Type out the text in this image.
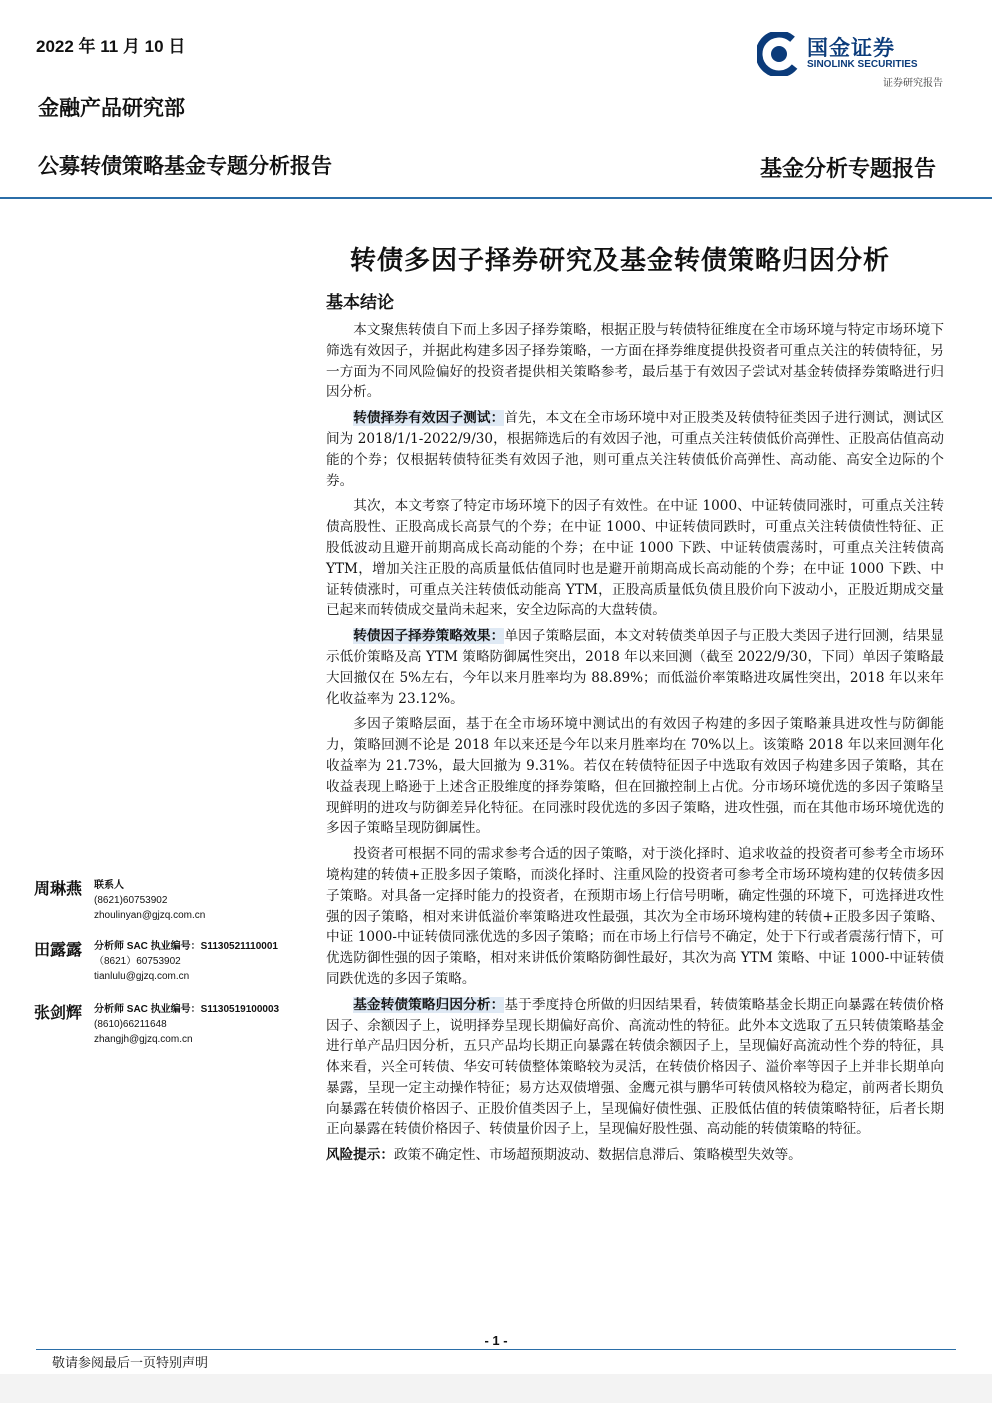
2022 年 11 月 10 日
金融产品研究部
公募转债策略基金专题分析报告	基金分析专题报告
国金证券
SINOLINK SECURITIES
证券研究报告
转债多因子择券研究及基金转债策略归因分析
基本结论

本文聚焦转债自下而上多因子择券策略，根据正股与转债特征维度在全市场环境与特定市场环境下筛选有效因子，并据此构建多因子择券策略，一方面在择券维度提供投资者可重点关注的转债特征，另一方面为不同风险偏好的投资者提供相关策略参考，最后基于有效因子尝试对基金转债择券策略进行归因分析。

转债择券有效因子测试：首先，本文在全市场环境中对正股类及转债特征类因子进行测试，测试区间为 2018/1/1-2022/9/30，根据筛选后的有效因子池，可重点关注转债低价高弹性、正股高估值高动能的个券；仅根据转债特征类有效因子池，则可重点关注转债低价高弹性、高动能、高安全边际的个券。

其次，本文考察了特定市场环境下的因子有效性。在中证 1000、中证转债同涨时，可重点关注转债高股性、正股高成长高景气的个券；在中证 1000、中证转债同跌时，可重点关注转债债性特征、正股低波动且避开前期高成长高动能的个券；在中证 1000 下跌、中证转债震荡时，可重点关注转债高 YTM，增加关注正股的高质量低估值同时也是避开前期高成长高动能的个券；在中证 1000 下跌、中证转债涨时，可重点关注转债低动能高 YTM，正股高质量低负债且股价向下波动小，正股近期成交量已起来而转债成交量尚未起来，安全边际高的大盘转债。

转债因子择券策略效果：单因子策略层面，本文对转债类单因子与正股大类因子进行回测，结果显示低价策略及高 YTM 策略防御属性突出，2018 年以来回测（截至 2022/9/30，下同）单因子策略最大回撤仅在 5%左右，今年以来月胜率均为 88.89%；而低溢价率策略进攻属性突出，2018 年以来年化收益率为 23.12%。

多因子策略层面，基于在全市场环境中测试出的有效因子构建的多因子策略兼具进攻性与防御能力，策略回测不论是 2018 年以来还是今年以来月胜率均在 70%以上。该策略 2018 年以来回测年化收益率为 21.73%，最大回撤为 9.31%。若仅在转债特征因子中选取有效因子构建多因子策略，其在收益表现上略逊于上述含正股维度的择券策略，但在回撤控制上占优。分市场环境优选的多因子策略呈现鲜明的进攻与防御差异化特征。在同涨时段优选的多因子策略，进攻性强，而在其他市场环境优选的多因子策略呈现防御属性。

投资者可根据不同的需求参考合适的因子策略，对于淡化择时、追求收益的投资者可参考全市场环境构建的转债+正股多因子策略，而淡化择时、注重风险的投资者可参考全市场环境构建的仅转债多因子策略。对具备一定择时能力的投资者，在预期市场上行信号明晰，确定性强的环境下，可选择进攻性强的因子策略，相对来讲低溢价率策略进攻性最强，其次为全市场环境构建的转债+正股多因子策略、中证 1000-中证转债同涨优选的多因子策略；而在市场上行信号不确定，处于下行或者震荡行情下，可优选防御性强的因子策略，相对来讲低价策略防御性最好，其次为高 YTM 策略、中证 1000-中证转债同跌优选的多因子策略。

基金转债策略归因分析：基于季度持仓所做的归因结果看，转债策略基金长期正向暴露在转债价格因子、余额因子上，说明择券呈现长期偏好高价、高流动性的特征。此外本文选取了五只转债策略基金进行单产品归因分析，五只产品均长期正向暴露在转债余额因子上，呈现偏好高流动性个券的特征，具体来看，兴全可转债、华安可转债整体策略较为灵活，在转债价格因子、溢价率等因子上并非长期单向暴露，呈现一定主动操作特征；易方达双债增强、金鹰元祺与鹏华可转债风格较为稳定，前两者长期负向暴露在转债价格因子、正股价值类因子上，呈现偏好债性强、正股低估值的转债策略特征，后者长期正向暴露在转债价格因子、转债量价因子上，呈现偏好股性强、高动能的转债策略的特征。

风险提示：政策不确定性、市场超预期波动、数据信息滞后、策略模型失效等。

周琳燕 联系人
(8621)60753902
zhoulinyan@gjzq.com.cn
田露露 分析师 SAC 执业编号：S1130521110001
（8621）60753902
tianlulu@gjzq.com.cn
张剑辉 分析师 SAC 执业编号：S1130519100003
(8610)66211648
zhangjh@gjzq.com.cn
- 1 -
敬请参阅最后一页特别声明
